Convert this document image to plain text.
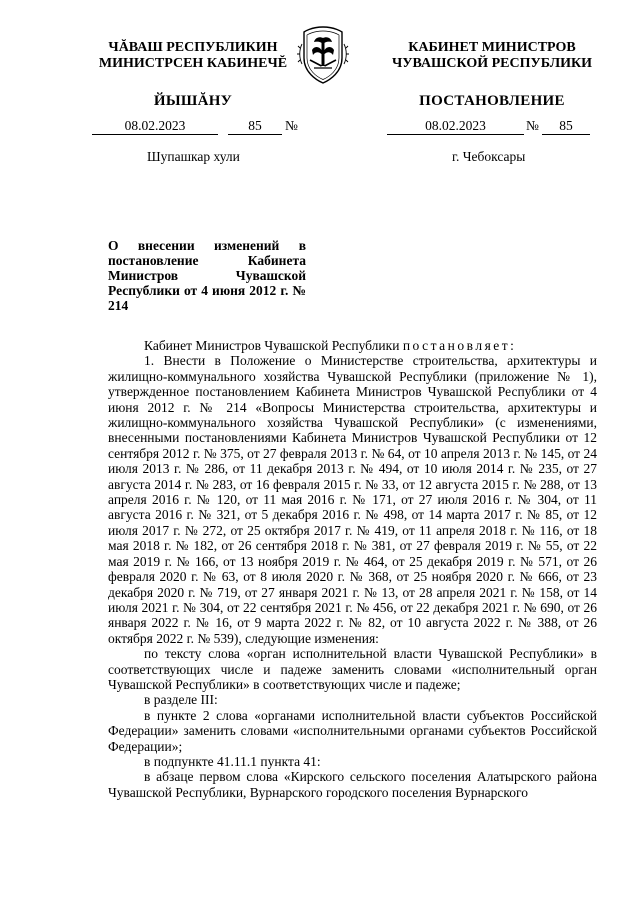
ЧĂВАШ РЕСПУБЛИКИН
МИНИСТРСЕН КАБИНЕЧĔ
ЙЫШĂНУ
КАБИНЕТ МИНИСТРОВ
ЧУВАШСКОЙ РЕСПУБЛИКИ
ПОСТАНОВЛЕНИЕ
08.02.2023	85	№	08.02.2023	№	85
Шупашкар хули	г. Чебоксары
О внесении изменений в постановление Кабинета Министров Чувашской Республики от 4 июня 2012 г. № 214

Кабинет Министров Чувашской Республики постановляет:

1. Внести в Положение о Министерстве строительства, архитектуры и жилищно-коммунального хозяйства Чувашской Республики (приложение № 1), утвержденное постановлением Кабинета Министров Чувашской Республики от 4 июня 2012 г. № 214 «Вопросы Министерства строительства, архитектуры и жилищно-коммунального хозяйства Чувашской Республики» (с изменениями, внесенными постановлениями Кабинета Министров Чувашской Республики от 12 сентября 2012 г. № 375, от 27 февраля 2013 г. № 64, от 10 апреля 2013 г. № 145, от 24 июля 2013 г. № 286, от 11 декабря 2013 г. № 494, от 10 июля 2014 г. № 235, от 27 августа 2014 г. № 283, от 16 февраля 2015 г. № 33, от 12 августа 2015 г. № 288, от 13 апреля 2016 г. № 120, от 11 мая 2016 г. № 171, от 27 июля 2016 г. № 304, от 11 августа 2016 г. № 321, от 5 декабря 2016 г. № 498, от 14 марта 2017 г. № 85, от 12 июля 2017 г. № 272, от 25 октября 2017 г. № 419, от 11 апреля 2018 г. № 116, от 18 мая 2018 г. № 182, от 26 сентября 2018 г. № 381, от 27 февраля 2019 г. № 55, от 22 мая 2019 г. № 166, от 13 ноября 2019 г. № 464, от 25 декабря 2019 г. № 571, от 26 февраля 2020 г. № 63, от 8 июля 2020 г. № 368, от 25 ноября 2020 г. № 666, от 23 декабря 2020 г. № 719, от 27 января 2021 г. № 13, от 28 апреля 2021 г. № 158, от 14 июля 2021 г. № 304, от 22 сентября 2021 г. № 456, от 22 декабря 2021 г. № 690, от 26 января 2022 г. № 16, от 9 марта 2022 г. № 82, от 10 августа 2022 г. № 388, от 26 октября 2022 г. № 539), следующие изменения:

по тексту слова «орган исполнительной власти Чувашской Республики» в соответствующих числе и падеже заменить словами «исполнительный орган Чувашской Республики» в соответствующих числе и падеже;

в разделе III:

в пункте 2 слова «органами исполнительной власти субъектов Российской Федерации» заменить словами «исполнительными органами субъектов Российской Федерации»;

в подпункте 41.11.1 пункта 41:

в абзаце первом слова «Кирского сельского поселения Алатырского района Чувашской Республики, Вурнарского городского поселения Вурнарского
